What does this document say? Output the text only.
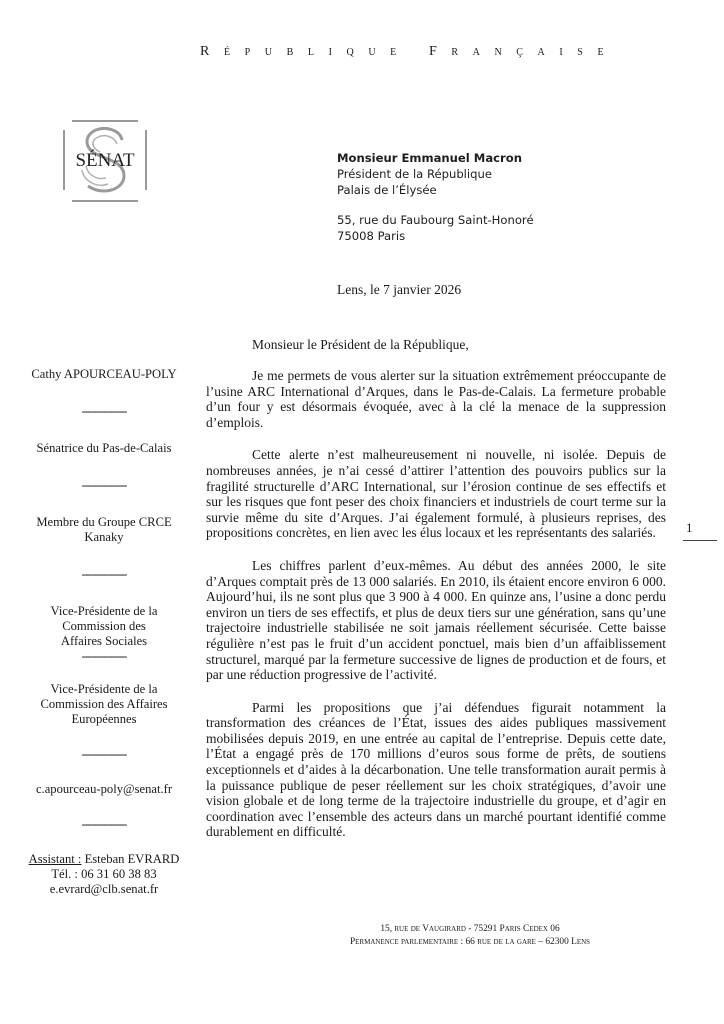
République Française
SÉNAT	Monsieur Emmanuel Macron
Président de la République
Palais de l’Élysée
55, rue du Faubourg Saint-Honoré
75008 Paris
Lens, le 7 janvier 2026
Monsieur le Président de la République,

Je me permets de vous alerter sur la situation extrêmement préoccupante de l’usine ARC International d’Arques, dans le Pas-de-Calais. La fermeture probable d’un four y est désormais évoquée, avec à la clé la menace de la suppression d’emplois.

Cette alerte n’est malheureusement ni nouvelle, ni isolée. Depuis de nombreuses années, je n’ai cessé d’attirer l’attention des pouvoirs publics sur la fragilité structurelle d’ARC International, sur l’érosion continue de ses effectifs et sur les risques que font peser des choix financiers et industriels de court terme sur la survie même du site d’Arques. J’ai également formulé, à plusieurs reprises, des propositions concrètes, en lien avec les élus locaux et les représentants des salariés.

Les chiffres parlent d’eux-mêmes. Au début des années 2000, le site d’Arques comptait près de 13 000 salariés. En 2010, ils étaient encore environ 6 000. Aujourd’hui, ils ne sont plus que 3 900 à 4 000. En quinze ans, l’usine a donc perdu environ un tiers de ses effectifs, et plus de deux tiers sur une génération, sans qu’une trajectoire industrielle stabilisée ne soit jamais réellement sécurisée. Cette baisse régulière n’est pas le fruit d’un accident ponctuel, mais bien d’un affaiblissement structurel, marqué par la fermeture successive de lignes de production et de fours, et par une réduction progressive de l’activité.

Parmi les propositions que j’ai défendues figurait notamment la transformation des créances de l’État, issues des aides publiques massivement mobilisées depuis 2019, en une entrée au capital de l’entreprise. Depuis cette date, l’État a engagé près de 170 millions d’euros sous forme de prêts, de soutiens exceptionnels et d’aides à la décarbonation. Une telle transformation aurait permis à la puissance publique de peser réellement sur les choix stratégiques, d’avoir une vision globale et de long terme de la trajectoire industrielle du groupe, et d’agir en coordination avec l’ensemble des acteurs dans un marché pourtant identifié comme durablement en difficulté.

Cathy APOURCEAU-POLY
--------------
Sénatrice du Pas-de-Calais
--------------
Membre du Groupe CRCE
Kanaky
--------------
Vice-Présidente de la
Commission des
Affaires Sociales
--------------
Vice-Présidente de la
Commission des Affaires
Européennes
--------------
c.apourceau-poly@senat.fr
--------------
Assistant : Esteban EVRARD
Tél. : 06 31 60 38 83
e.evrard@clb.senat.fr
1
15, rue de Vaugirard - 75291 Paris Cedex 06
Permanence parlementaire : 66 rue de la gare – 62300 Lens
